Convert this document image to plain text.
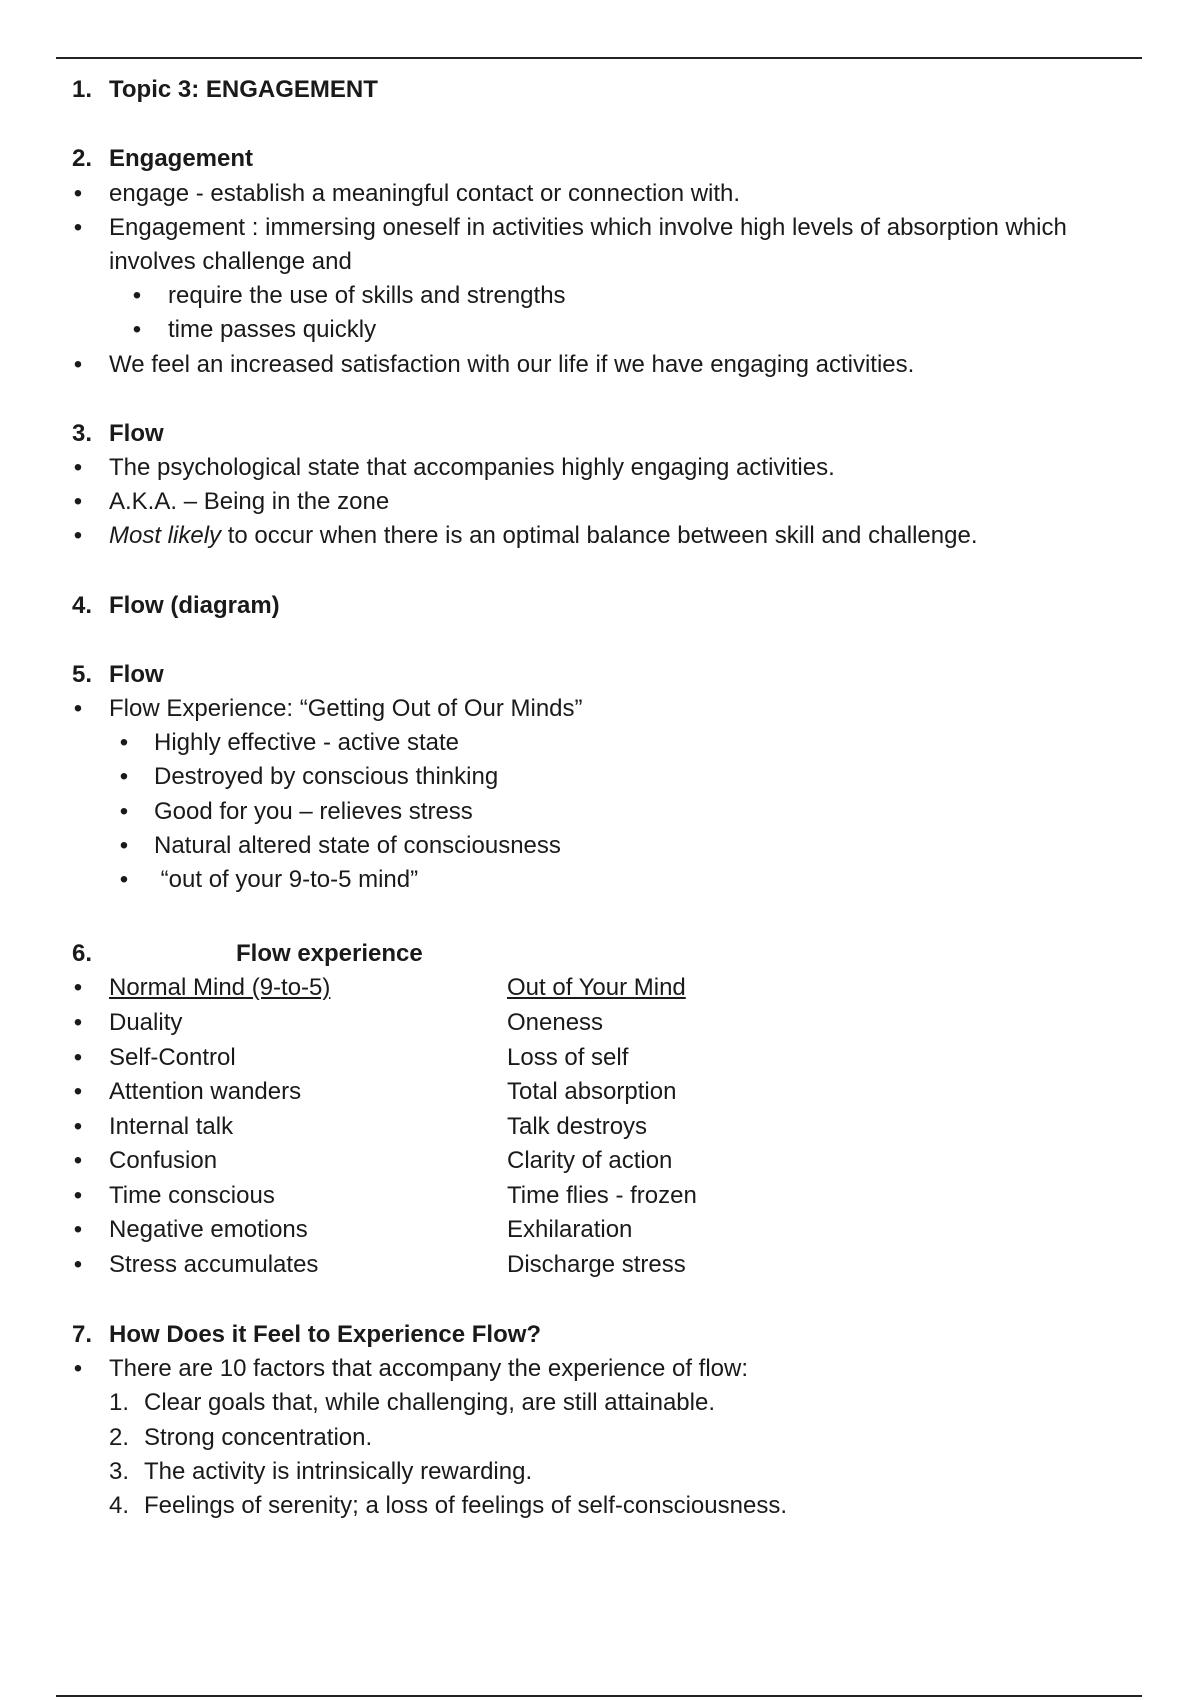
1. Topic 3: ENGAGEMENT
2. Engagement
• engage - establish a meaningful contact or connection with.
• Engagement : immersing oneself in activities which involve high levels of absorption which
involves challenge and
• require the use of skills and strengths
• time passes quickly
• We feel an increased satisfaction with our life if we have engaging activities.
3. Flow
• The psychological state that accompanies highly engaging activities.
• A.K.A. – Being in the zone
• Most likely to occur when there is an optimal balance between skill and challenge.
4. Flow (diagram)
5. Flow
• Flow Experience: “Getting Out of Our Minds”
• Highly effective - active state
• Destroyed by conscious thinking
• Good for you – relieves stress
• Natural altered state of consciousness
• “out of your 9-to-5 mind”
6.	Flow experience
• Normal Mind (9-to-5)	Out of Your Mind
• Duality	Oneness
• Self-Control	Loss of self
• Attention wanders	Total absorption
• Internal talk	Talk destroys
• Confusion	Clarity of action
• Time conscious	Time flies - frozen
• Negative emotions	Exhilaration
• Stress accumulates	Discharge stress
7. How Does it Feel to Experience Flow?
• There are 10 factors that accompany the experience of flow:
1. Clear goals that, while challenging, are still attainable.
2. Strong concentration.
3. The activity is intrinsically rewarding.
4. Feelings of serenity; a loss of feelings of self-consciousness.
